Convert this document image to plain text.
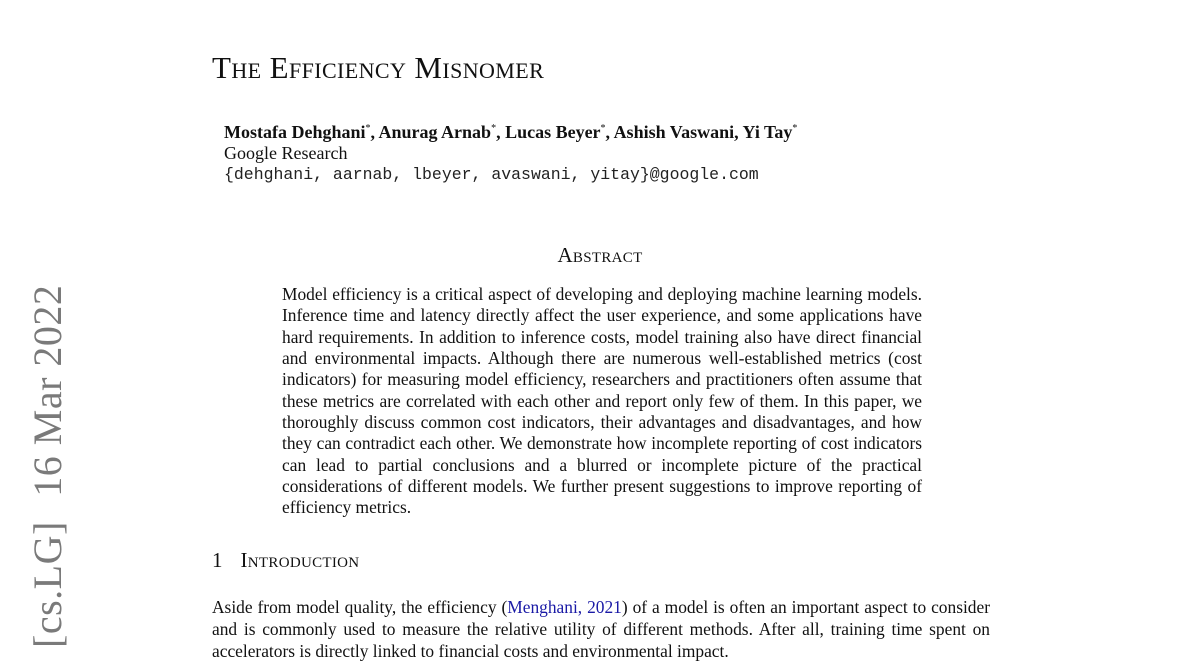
[cs.LG] 16 Mar 2022
The Efficiency Misnomer
Mostafa Dehghani*, Anurag Arnab*, Lucas Beyer*, Ashish Vaswani, Yi Tay*
Google Research
{dehghani, aarnab, lbeyer, avaswani, yitay}@google.com
Abstract

Model efficiency is a critical aspect of developing and deploying machine learning models. Inference time and latency directly affect the user experience, and some applications have hard requirements. In addition to inference costs, model training also have direct financial and environmental impacts. Although there are numerous well-established metrics (cost indicators) for measuring model efficiency, researchers and practitioners often assume that these metrics are correlated with each other and report only few of them. In this paper, we thoroughly discuss common cost indicators, their advantages and disadvantages, and how they can contradict each other. We demonstrate how incomplete reporting of cost indicators can lead to partial conclusions and a blurred or incomplete picture of the practical considerations of different models. We further present suggestions to improve reporting of efficiency metrics.

1 Introduction

Aside from model quality, the efficiency (Menghani, 2021) of a model is often an important aspect to consider and is commonly used to measure the relative utility of different methods. After all, training time spent on accelerators is directly linked to financial costs and environmental impact.
